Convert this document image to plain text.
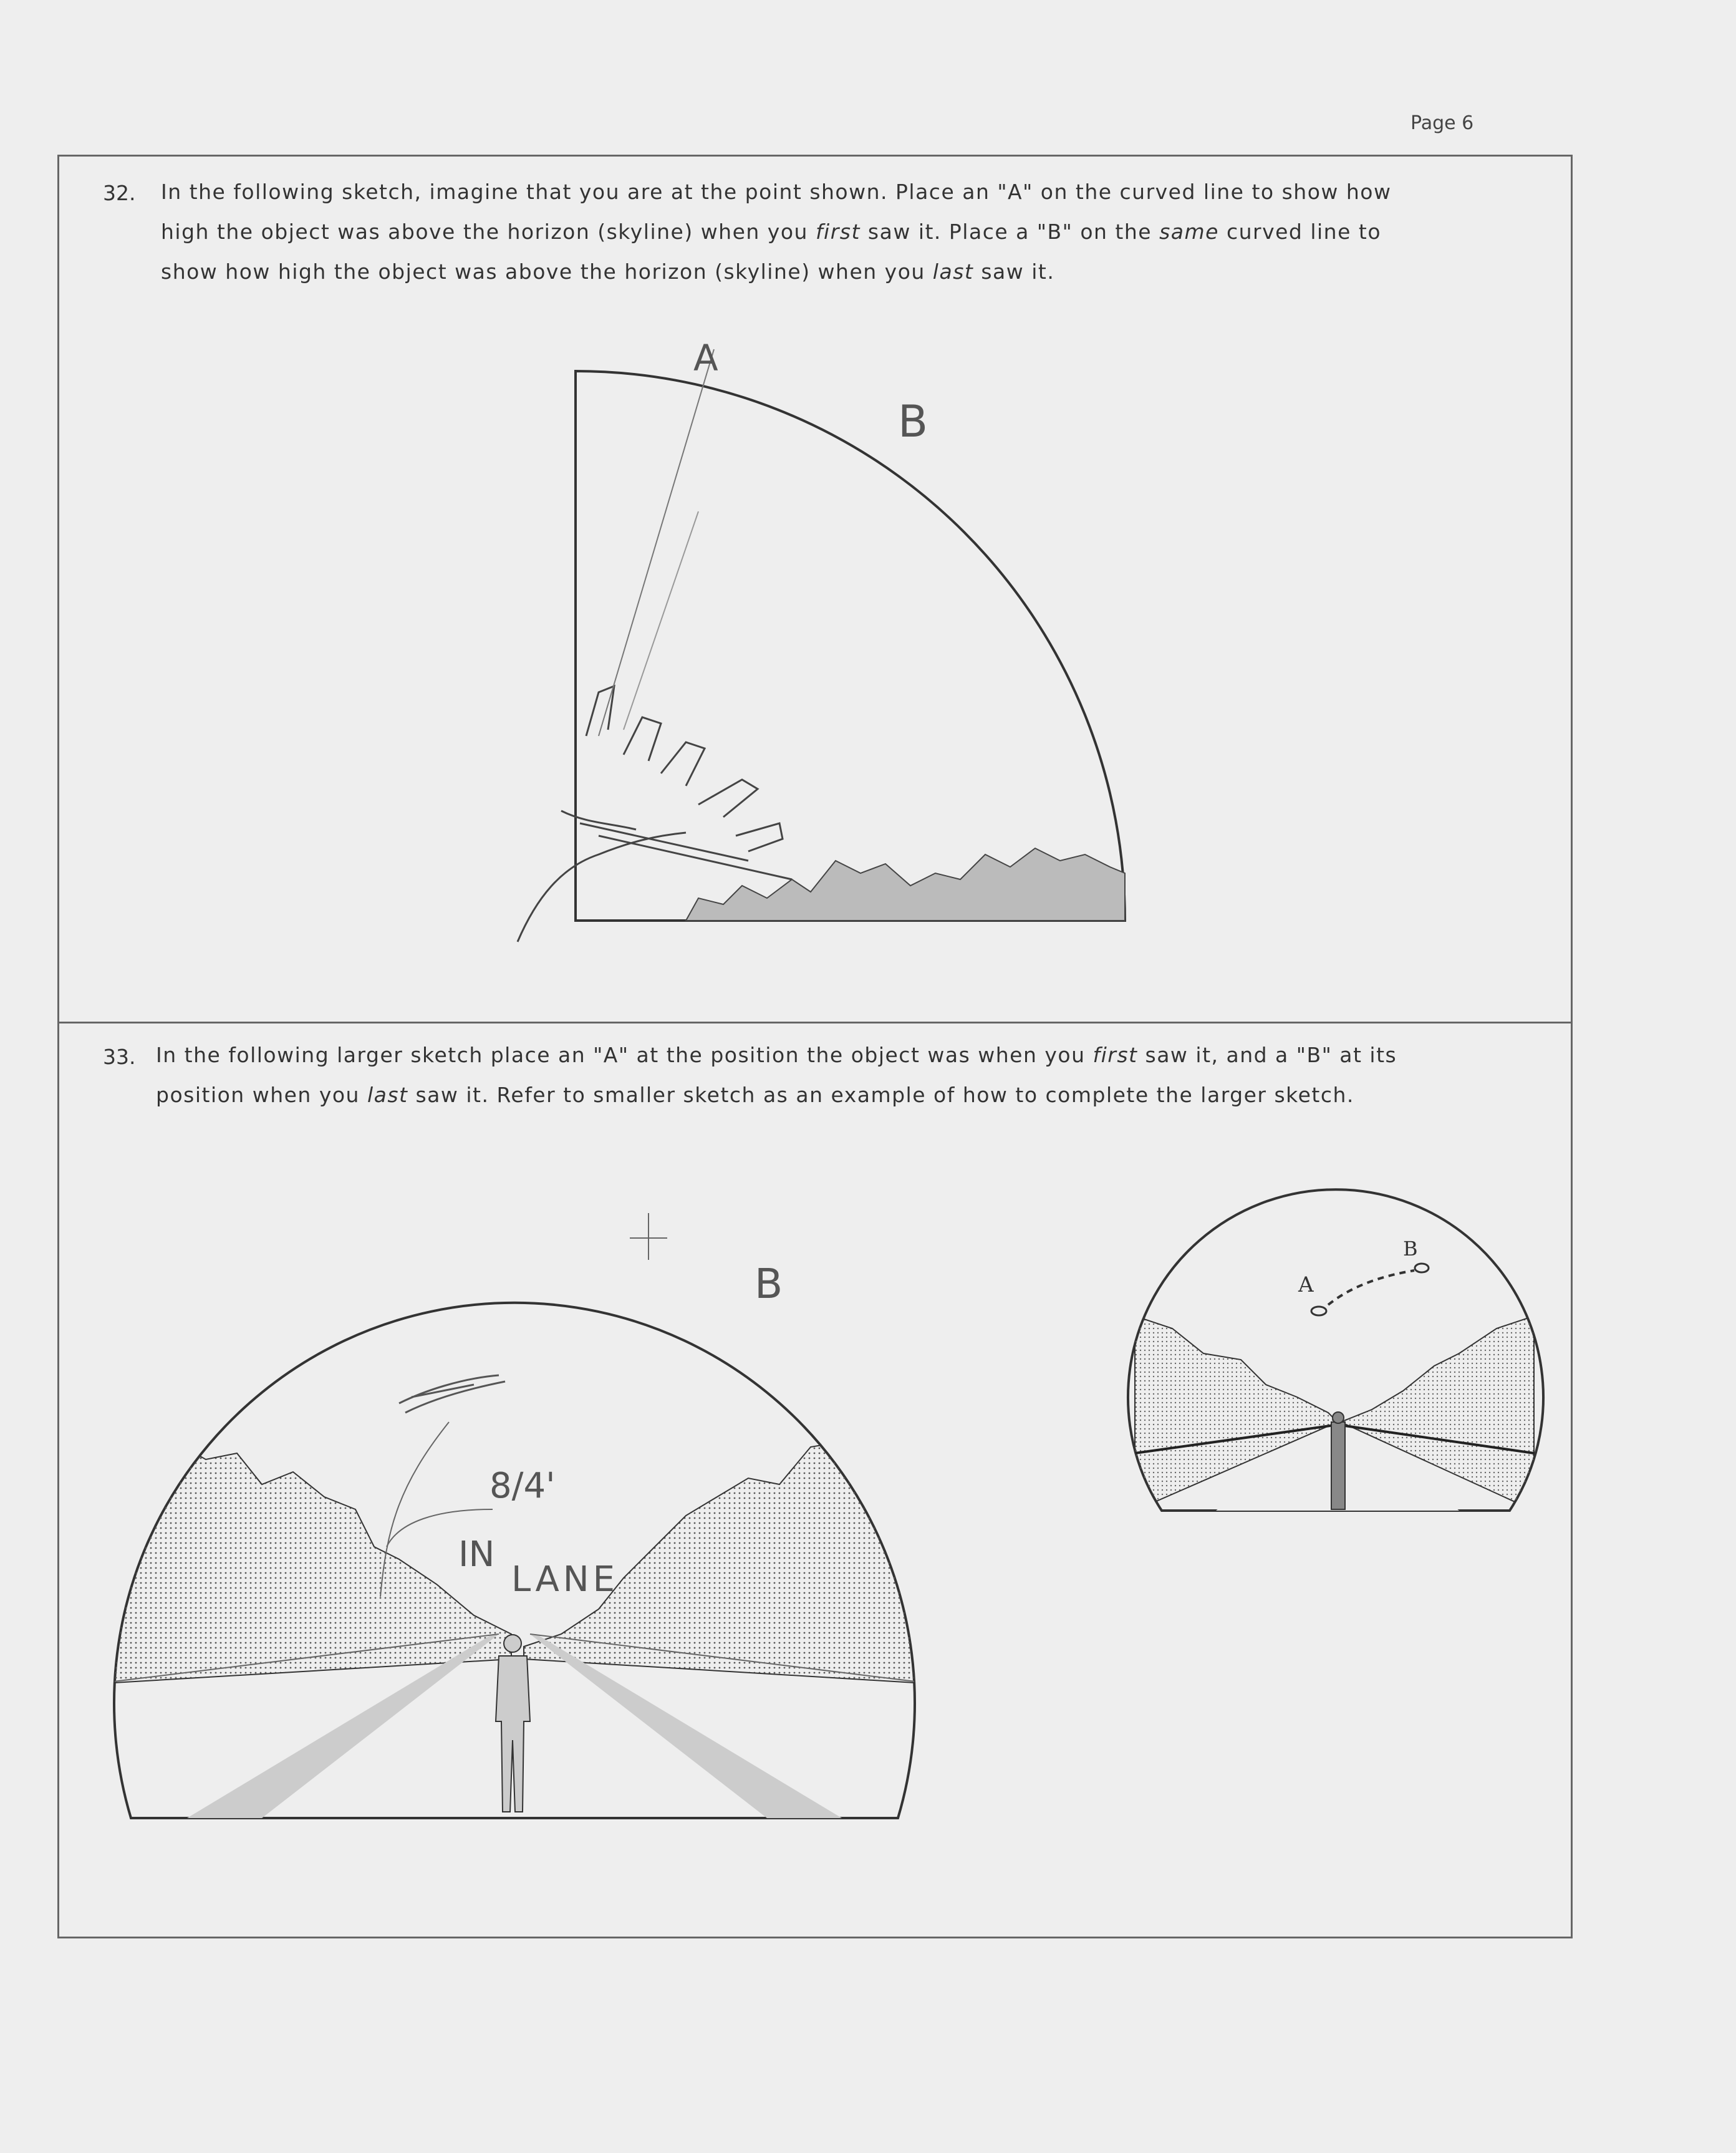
Page 6
32. In the following sketch, imagine that you are at the point shown. Place an "A" on the curved line to show how
high the object was above the horizon (skyline) when you first saw it. Place a "B" on the same curved line to
show how high the object was above the horizon (skyline) when you last saw it.
A
B
33. In the following larger sketch place an "A" at the position the object was when you first saw it, and a "B" at its
position when you last saw it. Refer to smaller sketch as an example of how to complete the larger sketch.
B
8/4'
IN
LANE
A
B
